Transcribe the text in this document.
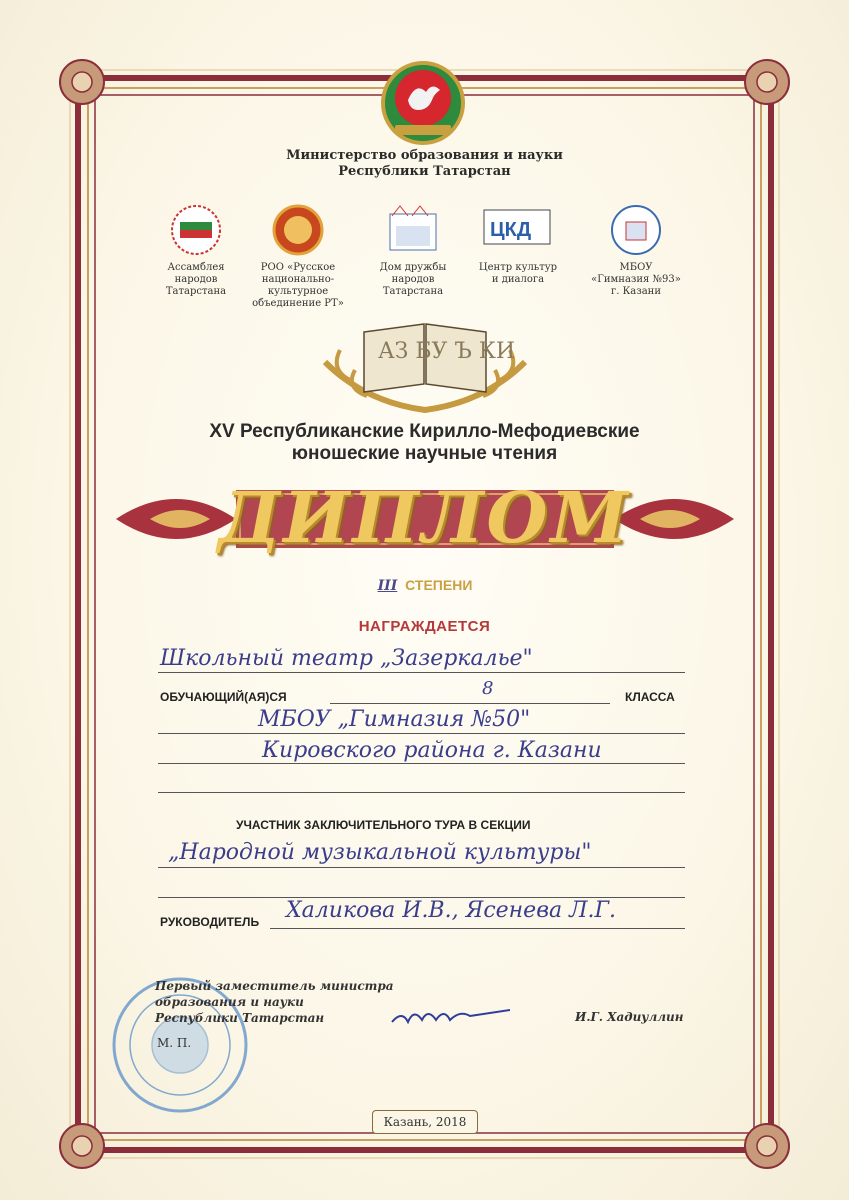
ЦКД
АЗ БУ Ъ КИ
Министерство образования и науки
Республики Татарстан
Ассамблея
народов
Татарстана
РОО «Русское
национально-
культурное
объединение РТ»
Дом дружбы
народов
Татарстана
Центр культур
и диалога
МБОУ
«Гимназия №93»
г. Казани
XV Республиканские Кирилло-Мефодиевские
юношеские научные чтения
ДИПЛОМ
III СТЕПЕНИ
НАГРАЖДАЕТСЯ
Школьный театр „Зазеркалье"
ОБУЧАЮЩИЙ(АЯ)СЯ	8	КЛАССА
МБОУ „Гимназия №50"
Кировского района г. Казани
УЧАСТНИК ЗАКЛЮЧИТЕЛЬНОГО ТУРА В СЕКЦИИ
„Народной музыкальной культуры"
РУКОВОДИТЕЛЬ Халикова И.В., Ясенева Л.Г.
Первый заместитель министра
образования и науки
Республики Татарстан
М. П.
И.Г. Хадиуллин
Казань, 2018
